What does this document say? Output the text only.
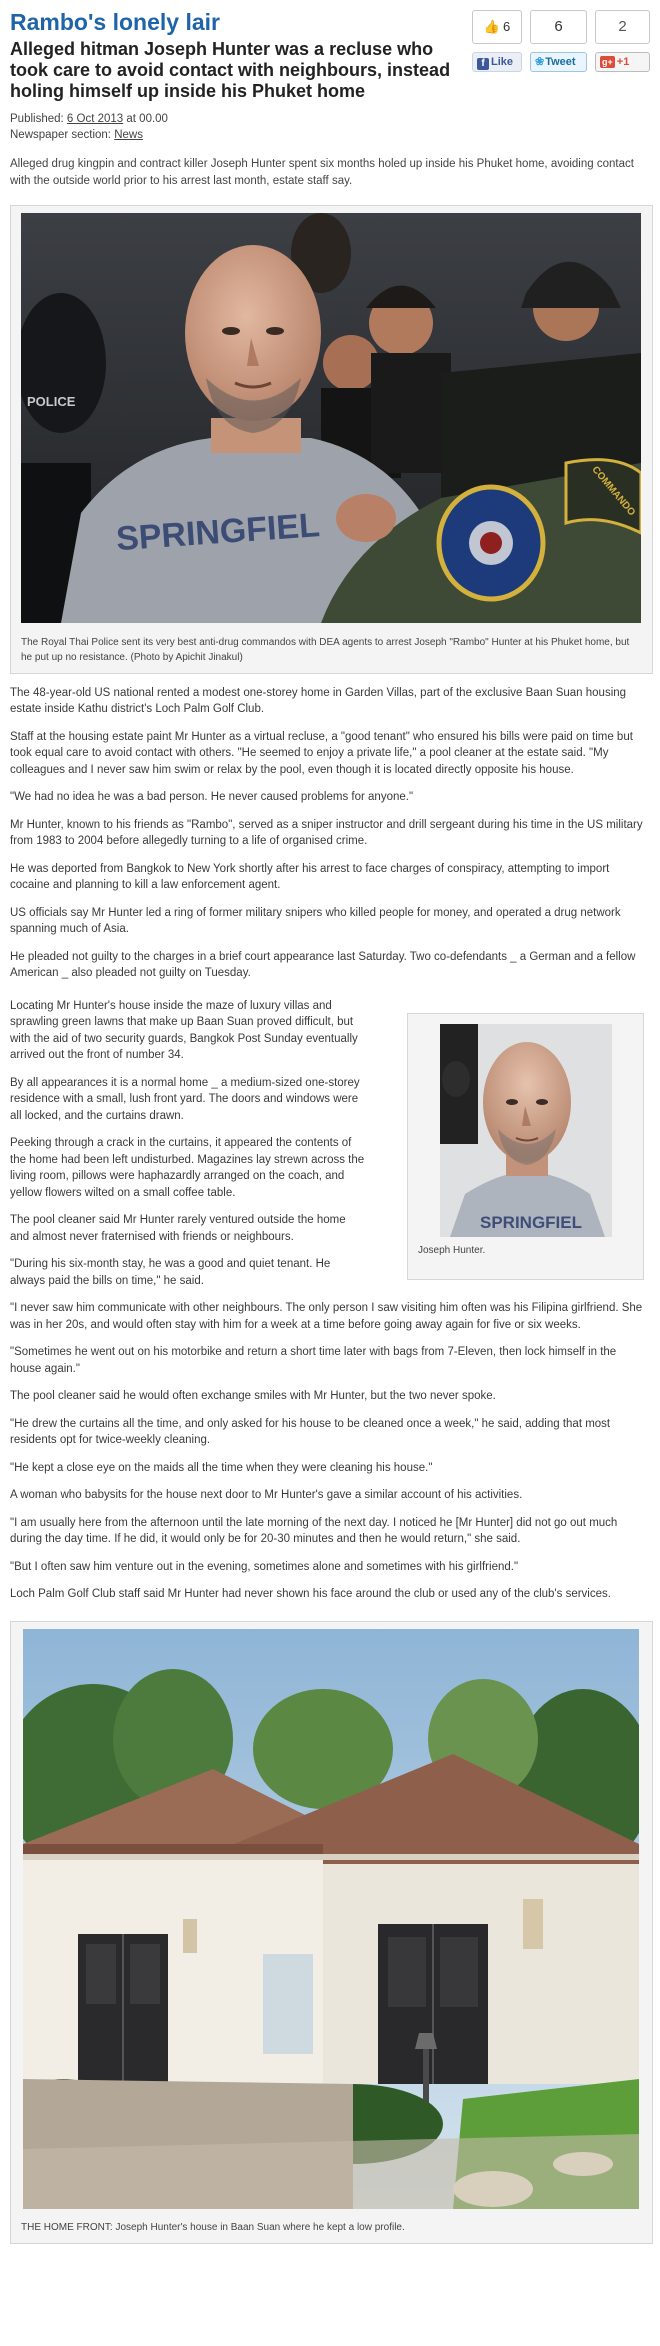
Rambo's lonely lair
Alleged hitman Joseph Hunter was a recluse who took care to avoid contact with neighbours, instead holing himself up inside his Phuket home
👍 6	6	2
f Like	❀Tweet	g+ +1
Published: 6 Oct 2013 at 00.00
Newspaper section: News

Alleged drug kingpin and contract killer Joseph Hunter spent six months holed up inside his Phuket home, avoiding contact with the outside world prior to his arrest last month, estate staff say.

POLICE
SPRINGFIEL
COMMANDO
The Royal Thai Police sent its very best anti-drug commandos with DEA agents to arrest Joseph "Rambo" Hunter at his Phuket home, but he put up no resistance. (Photo by Apichit Jinakul)

The 48-year-old US national rented a modest one-storey home in Garden Villas, part of the exclusive Baan Suan housing estate inside Kathu district's Loch Palm Golf Club.

Staff at the housing estate paint Mr Hunter as a virtual recluse, a "good tenant" who ensured his bills were paid on time but took equal care to avoid contact with others. "He seemed to enjoy a private life," a pool cleaner at the estate said. "My colleagues and I never saw him swim or relax by the pool, even though it is located directly opposite his house.

"We had no idea he was a bad person. He never caused problems for anyone."

Mr Hunter, known to his friends as "Rambo", served as a sniper instructor and drill sergeant during his time in the US military from 1983 to 2004 before allegedly turning to a life of organised crime.

He was deported from Bangkok to New York shortly after his arrest to face charges of conspiracy, attempting to import cocaine and planning to kill a law enforcement agent.

US officials say Mr Hunter led a ring of former military snipers who killed people for money, and operated a drug network spanning much of Asia.

He pleaded not guilty to the charges in a brief court appearance last Saturday. Two co-defendants _ a German and a fellow American _ also pleaded not guilty on Tuesday.

SPRINGFIEL
Joseph Hunter.

Locating Mr Hunter's house inside the maze of luxury villas and sprawling green lawns that make up Baan Suan proved difficult, but with the aid of two security guards, Bangkok Post Sunday eventually arrived out the front of number 34.

By all appearances it is a normal home _ a medium-sized one-storey residence with a small, lush front yard. The doors and windows were all locked, and the curtains drawn.

Peeking through a crack in the curtains, it appeared the contents of the home had been left undisturbed. Magazines lay strewn across the living room, pillows were haphazardly arranged on the coach, and yellow flowers wilted on a small coffee table.

The pool cleaner said Mr Hunter rarely ventured outside the home and almost never fraternised with friends or neighbours.

"During his six-month stay, he was a good and quiet tenant. He always paid the bills on time," he said.

"I never saw him communicate with other neighbours. The only person I saw visiting him often was his Filipina girlfriend. She was in her 20s, and would often stay with him for a week at a time before going away again for five or six weeks.

"Sometimes he went out on his motorbike and return a short time later with bags from 7-Eleven, then lock himself in the house again."

The pool cleaner said he would often exchange smiles with Mr Hunter, but the two never spoke.

"He drew the curtains all the time, and only asked for his house to be cleaned once a week," he said, adding that most residents opt for twice-weekly cleaning.

"He kept a close eye on the maids all the time when they were cleaning his house."

A woman who babysits for the house next door to Mr Hunter's gave a similar account of his activities.

"I am usually here from the afternoon until the late morning of the next day. I noticed he [Mr Hunter] did not go out much during the day time. If he did, it would only be for 20-30 minutes and then he would return," she said.

"But I often saw him venture out in the evening, sometimes alone and sometimes with his girlfriend."

Loch Palm Golf Club staff said Mr Hunter had never shown his face around the club or used any of the club's services.

THE HOME FRONT: Joseph Hunter's house in Baan Suan where he kept a low profile.
